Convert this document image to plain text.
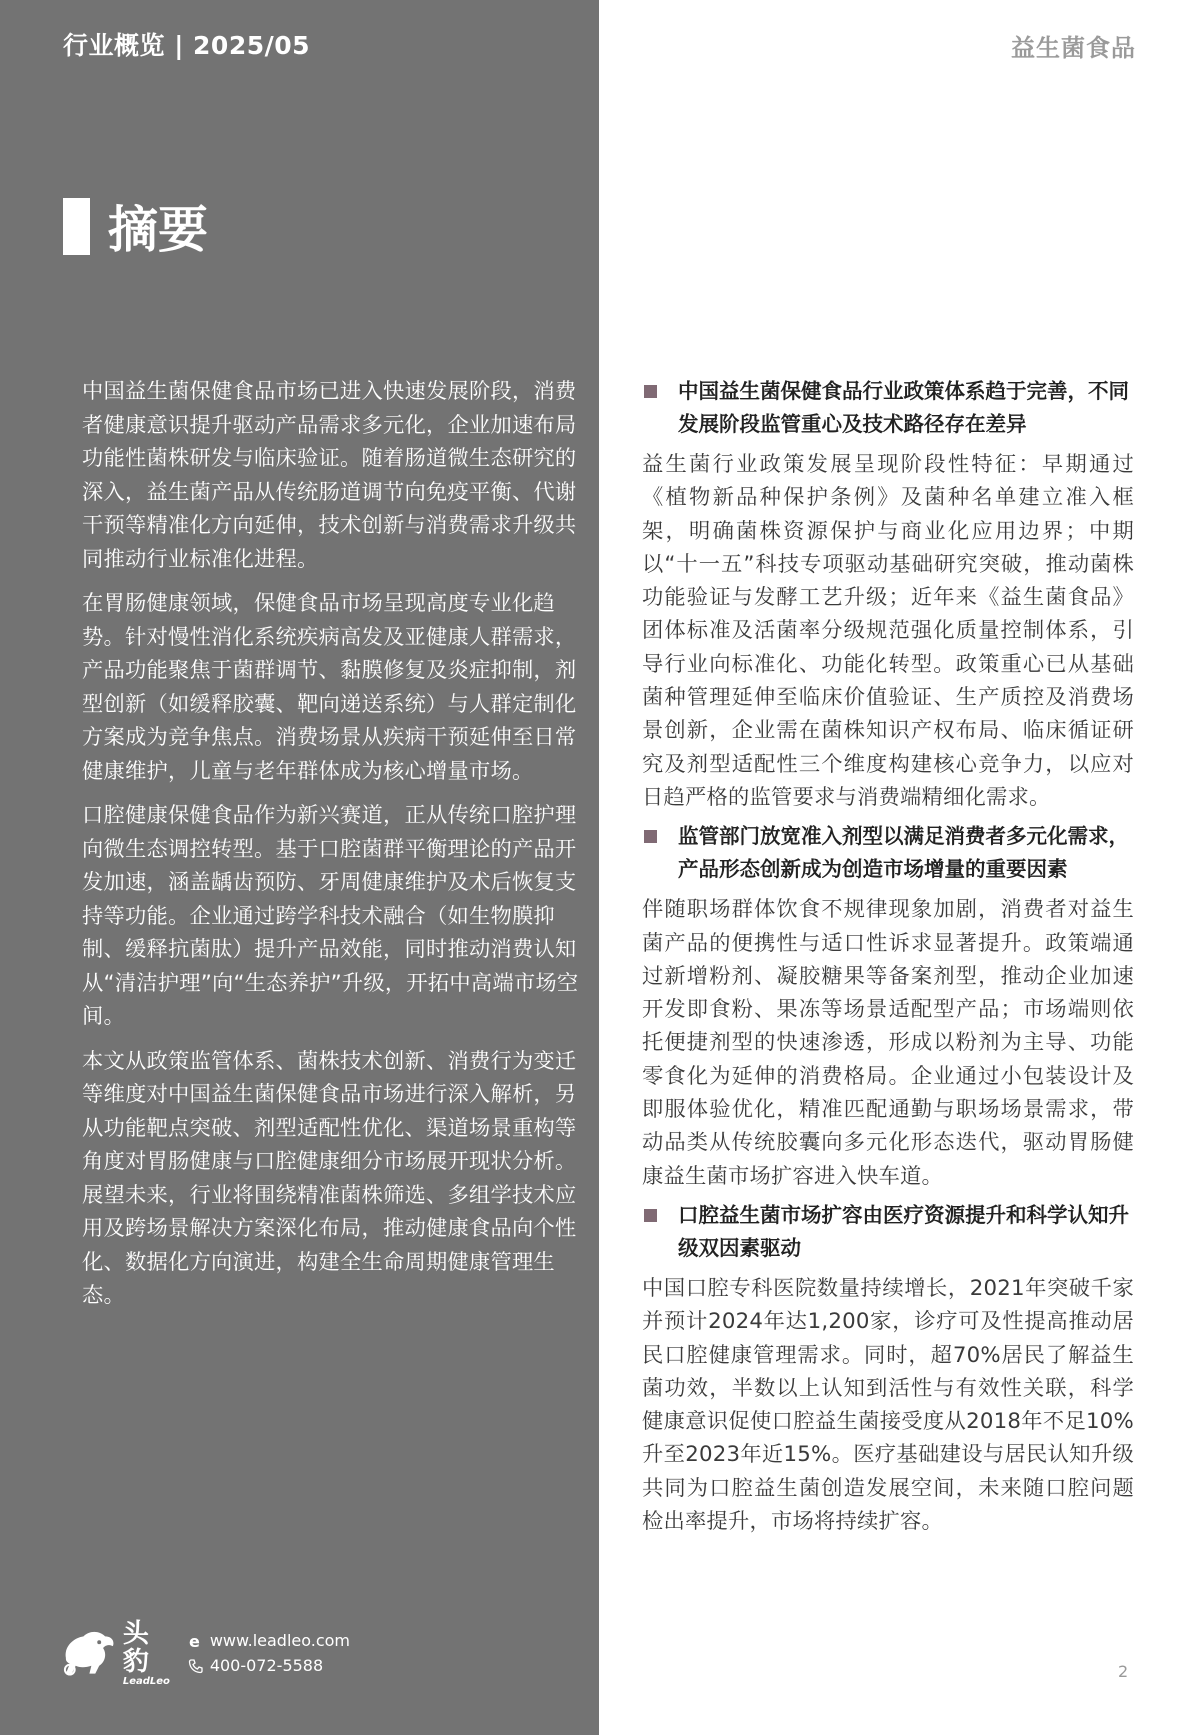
行业概览 | 2025/05	益生菌食品
摘要

中国益生菌保健食品市场已进入快速发展阶段，消费者健康意识提升驱动产品需求多元化，企业加速布局功能性菌株研发与临床验证。随着肠道微生态研究的深入，益生菌产品从传统肠道调节向免疫平衡、代谢干预等精准化方向延伸，技术创新与消费需求升级共同推动行业标准化进程。

在胃肠健康领域，保健食品市场呈现高度专业化趋势。针对慢性消化系统疾病高发及亚健康人群需求，产品功能聚焦于菌群调节、黏膜修复及炎症抑制，剂型创新（如缓释胶囊、靶向递送系统）与人群定制化方案成为竞争焦点。消费场景从疾病干预延伸至日常健康维护，儿童与老年群体成为核心增量市场。

口腔健康保健食品作为新兴赛道，正从传统口腔护理向微生态调控转型。基于口腔菌群平衡理论的产品开发加速，涵盖龋齿预防、牙周健康维护及术后恢复支持等功能。企业通过跨学科技术融合（如生物膜抑制、缓释抗菌肽）提升产品效能，同时推动消费认知从“清洁护理”向“生态养护”升级，开拓中高端市场空间。

本文从政策监管体系、菌株技术创新、消费行为变迁等维度对中国益生菌保健食品市场进行深入解析，另从功能靶点突破、剂型适配性优化、渠道场景重构等角度对胃肠健康与口腔健康细分市场展开现状分析。展望未来，行业将围绕精准菌株筛选、多组学技术应用及跨场景解决方案深化布局，推动健康食品向个性化、数据化方向演进，构建全生命周期健康管理生态。

中国益生菌保健食品行业政策体系趋于完善，不同发展阶段监管重心及技术路径存在差异

益生菌行业政策发展呈现阶段性特征：早期通过《植物新品种保护条例》及菌种名单建立准入框架，明确菌株资源保护与商业化应用边界；中期以“十一五”科技专项驱动基础研究突破，推动菌株功能验证与发酵工艺升级；近年来《益生菌食品》团体标准及活菌率分级规范强化质量控制体系，引导行业向标准化、功能化转型。政策重心已从基础菌种管理延伸至临床价值验证、生产质控及消费场景创新，企业需在菌株知识产权布局、临床循证研究及剂型适配性三个维度构建核心竞争力，以应对日趋严格的监管要求与消费端精细化需求。

监管部门放宽准入剂型以满足消费者多元化需求，产品形态创新成为创造市场增量的重要因素

伴随职场群体饮食不规律现象加剧，消费者对益生菌产品的便携性与适口性诉求显著提升。政策端通过新增粉剂、凝胶糖果等备案剂型，推动企业加速开发即食粉、果冻等场景适配型产品；市场端则依托便捷剂型的快速渗透，形成以粉剂为主导、功能零食化为延伸的消费格局。企业通过小包装设计及即服体验优化，精准匹配通勤与职场场景需求，带动品类从传统胶囊向多元化形态迭代，驱动胃肠健康益生菌市场扩容进入快车道。

口腔益生菌市场扩容由医疗资源提升和科学认知升级双因素驱动

中国口腔专科医院数量持续增长，2021年突破千家并预计2024年达1,200家，诊疗可及性提高推动居民口腔健康管理需求。同时，超70%居民了解益生菌功效，半数以上认知到活性与有效性关联，科学健康意识促使口腔益生菌接受度从2018年不足10%升至2023年近15%。医疗基础建设与居民认知升级共同为口腔益生菌创造发展空间，未来随口腔问题检出率提升，市场将持续扩容。

头豹
LeadLeo
e www.leadleo.com
400-072-5588	2
